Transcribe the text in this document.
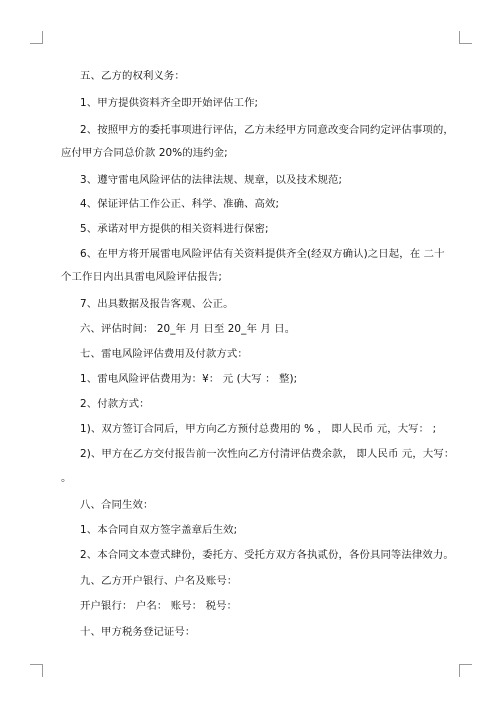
五、乙方的权利义务：
1、甲方提供资料齐全即开始评估工作;
2、按照甲方的委托事项进行评估，乙方未经甲方同意改变合同约定评估事项的，
应付甲方合同总价款 20%的违约金;
3、遵守雷电风险评估的法律法规、规章，以及技术规范;
4、保证评估工作公正、科学、准确、高效;
5、承诺对甲方提供的相关资料进行保密;
6、在甲方将开展雷电风险评估有关资料提供齐全(经双方确认)之日起，在 二十
个工作日内出具雷电风险评估报告;
7、出具数据及报告客观、公正。
六、评估时间： 20_年 月 日至 20_年 月 日。
七、雷电风险评估费用及付款方式：
1、雷电风险评估费用为：¥： 元 (大写 ： 整);
2、付款方式：
1)、双方签订合同后，甲方向乙方预付总费用的 % ， 即人民币 元，大写： ;
2)、甲方在乙方交付报告前一次性向乙方付清评估费余款， 即人民币 元，大写：
。
八、合同生效：
1、本合同自双方签字盖章后生效;
2、本合同文本壹式肆份，委托方、受托方双方各执贰份，各份具同等法律效力。
九、乙方开户银行、户名及账号：
开户银行： 户名： 账号： 税号：
十、甲方税务登记证号：
